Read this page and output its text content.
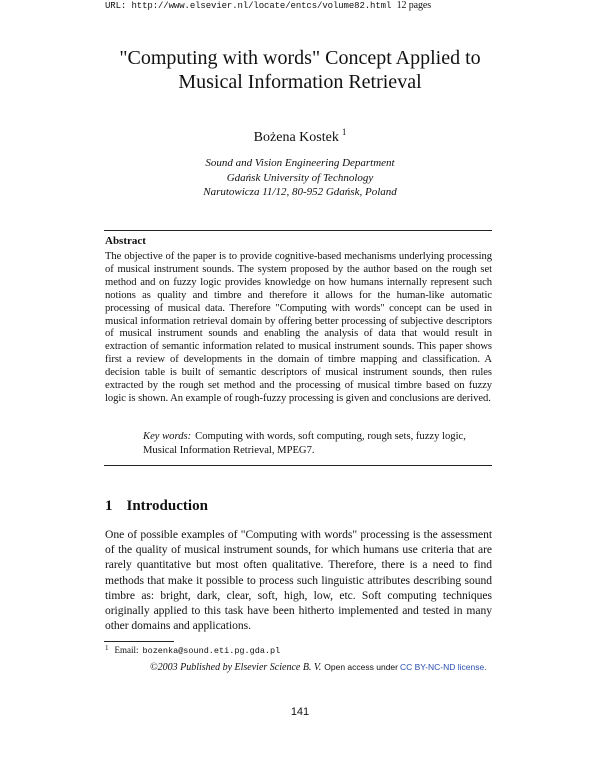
URL: http://www.elsevier.nl/locate/entcs/volume82.html 12 pages
"Computing with words" Concept Applied to
Musical Information Retrieval
Bożena Kostek $^1$
Sound and Vision Engineering Department
Gdańsk University of Technology
Narutowicza 11/12, 80-952 Gdańsk, Poland
Abstract
The objective of the paper is to provide cognitive-based mechanisms underlying processing of musical instrument sounds. The system proposed by the author based on the rough set method and on fuzzy logic provides knowledge on how humans internally represent such notions as quality and timbre and therefore it allows for the human-like automatic processing of musical data. Therefore "Computing with words" concept can be used in musical information retrieval domain by offering better processing of subjective descriptors of musical instrument sounds and enabling the analysis of data that would result in extraction of semantic information related to musical instrument sounds. This paper shows first a review of developments in the domain of timbre mapping and classification. A decision table is built of semantic descriptors of musical instrument sounds, then rules extracted by the rough set method and the processing of musical timbre based on fuzzy logic is shown. An example of rough-fuzzy processing is given and conclusions are derived.
Key words: Computing with words, soft computing, rough sets, fuzzy logic, Musical Information Retrieval, MPEG7.
1 Introduction
One of possible examples of "Computing with words" processing is the assessment of the quality of musical instrument sounds, for which humans use criteria that are rarely quantitative but most often qualitative. Therefore, there is a need to find methods that make it possible to process such linguistic attributes describing sound timbre as: bright, dark, clear, soft, high, low, etc. Soft computing techniques originally applied to this task have been hitherto implemented and tested in many other domains and applications.
$^1$ Email: bozenka@sound.eti.pg.gda.pl
©2003 Published by Elsevier Science B. V. Open access under CC BY-NC-ND license.
141
